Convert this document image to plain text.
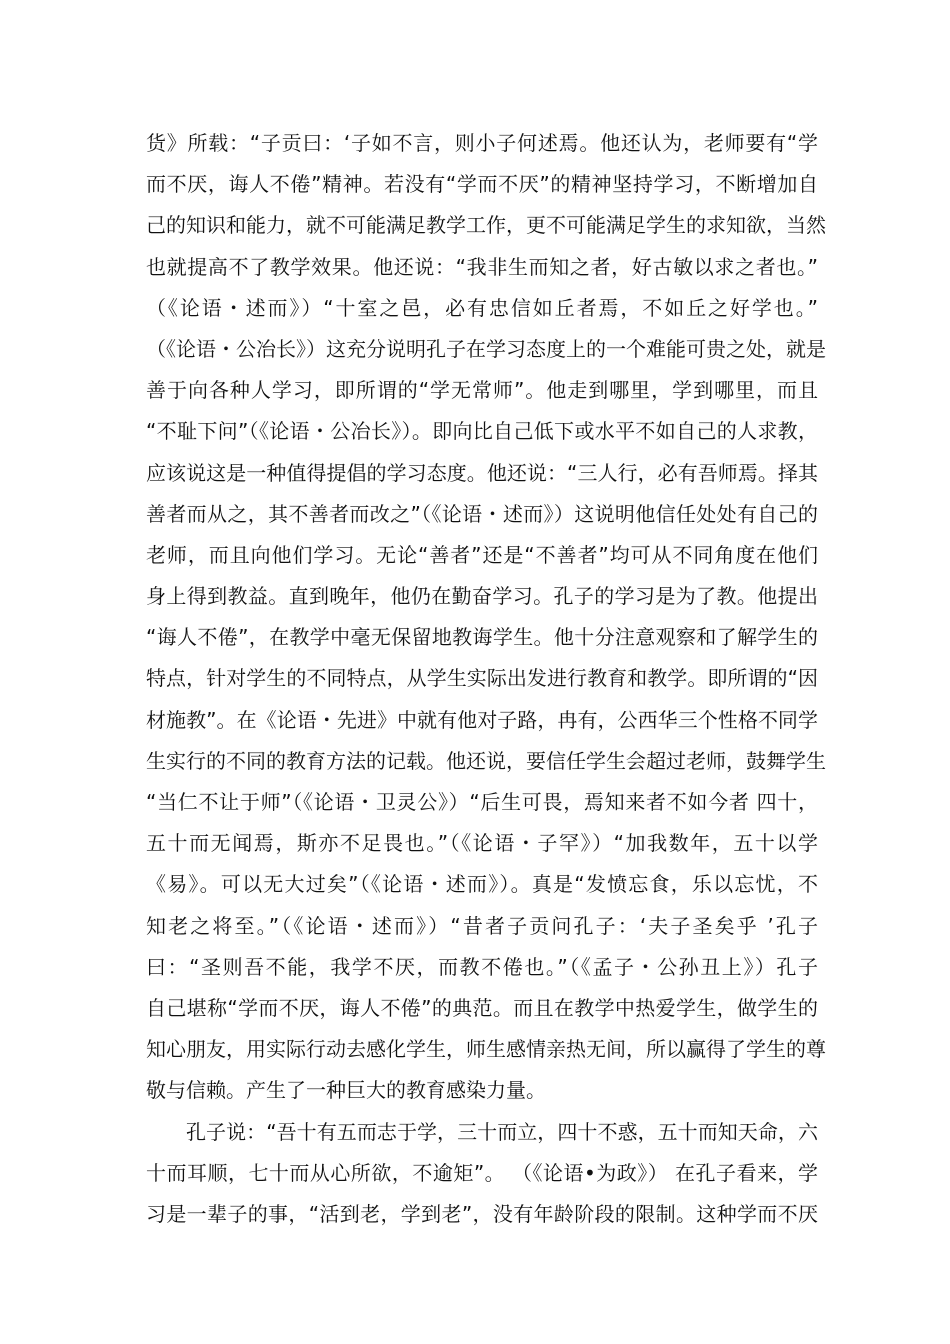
货》所载：“子贡曰：‘子如不言，则小子何述焉。他还认为，老师要有“学
而不厌，诲人不倦”精神。若没有“学而不厌”的精神坚持学习，不断增加自
己的知识和能力，就不可能满足教学工作，更不可能满足学生的求知欲，当然
也就提高不了教学效果。他还说：“我非生而知之者，好古敏以求之者也。”
（《论语・述而》）“十室之邑，必有忠信如丘者焉，不如丘之好学也。”
（《论语・公冶长》）这充分说明孔子在学习态度上的一个难能可贵之处，就是
善于向各种人学习，即所谓的“学无常师”。他走到哪里，学到哪里，而且
“不耻下问”（《论语・公冶长》）。即向比自己低下或水平不如自己的人求教，
应该说这是一种值得提倡的学习态度。他还说：“三人行，必有吾师焉。择其
善者而从之，其不善者而改之”（《论语・述而》）这说明他信任处处有自己的
老师，而且向他们学习。无论“善者”还是“不善者”均可从不同角度在他们
身上得到教益。直到晚年，他仍在勤奋学习。孔子的学习是为了教。他提出
“诲人不倦”，在教学中毫无保留地教诲学生。他十分注意观察和了解学生的
特点，针对学生的不同特点，从学生实际出发进行教育和教学。即所谓的“因
材施教”。在《论语・先进》中就有他对子路，冉有，公西华三个性格不同学
生实行的不同的教育方法的记载。他还说，要信任学生会超过老师，鼓舞学生
“当仁不让于师”（《论语・卫灵公》）“后生可畏，焉知来者不如今者 四十，
五十而无闻焉，斯亦不足畏也。”（《论语・子罕》）“加我数年，五十以学
《易》。可以无大过矣”（《论语・述而》）。真是“发愤忘食，乐以忘忧，不
知老之将至。”（《论语・述而》）“昔者子贡问孔子：‘夫子圣矣乎 ’孔子
曰：“圣则吾不能，我学不厌，而教不倦也。”（《孟子・公孙丑上》）孔子
自己堪称“学而不厌，诲人不倦”的典范。而且在教学中热爱学生，做学生的
知心朋友，用实际行动去感化学生，师生感情亲热无间，所以赢得了学生的尊
敬与信赖。产生了一种巨大的教育感染力量。
孔子说：“吾十有五而志于学，三十而立，四十不惑，五十而知天命，六
十而耳顺，七十而从心所欲，不逾矩”。 （《论语•为政》） 在孔子看来，学
习是一辈子的事，“活到老，学到老”，没有年龄阶段的限制。这种学而不厌
